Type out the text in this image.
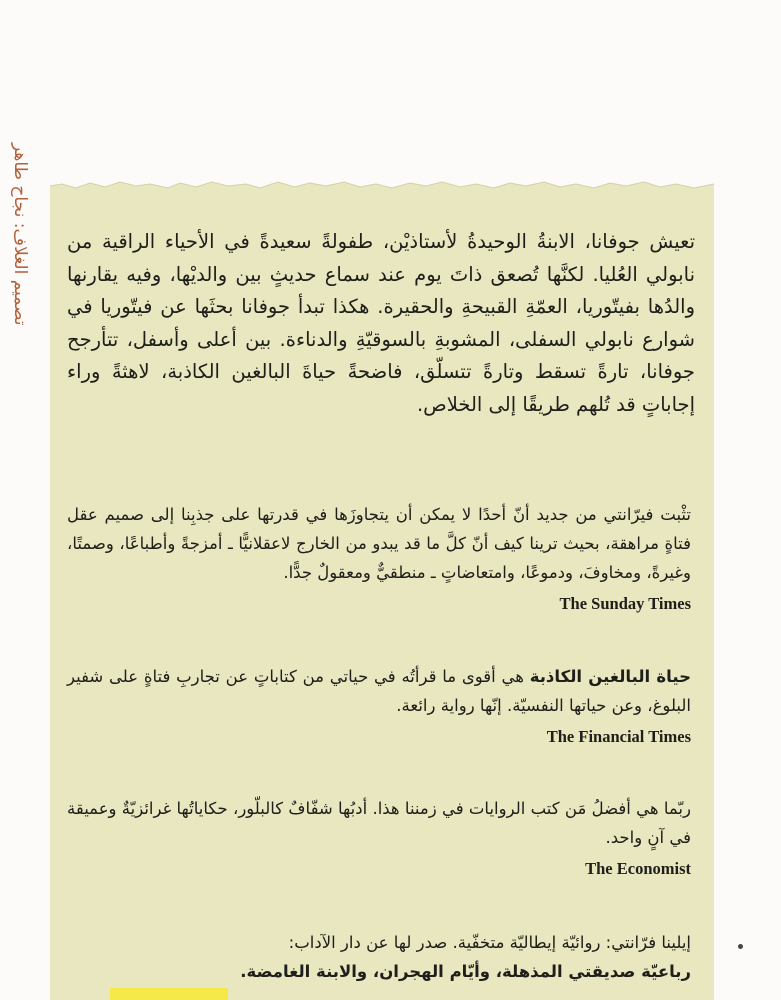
تصميم الغلاف: نجاح طاهر تعيش جوفانا، الابنةُ الوحيدةُ لأستاذيْن، طفولةً سعيدةً في الأحياء الراقية من نابولي العُليا. لكنَّها تُصعق ذاتَ يوم عند سماع حديثٍ بين والديْها، وفيه يقارنها والدُها بفيتّوريا، العمّةِ القبيحةِ والحقيرة. هكذا تبدأ جوفانا بحثَها عن فيتّوريا في شوارع نابولي السفلى، المشوبةِ بالسوقيّةِ والدناءة. بين أعلى وأسفل، تتأرجح جوفانا، تارةً تسقط وتارةً تتسلّق، فاضحةً حياةَ البالغين الكاذبة، لاهثةً وراء إجاباتٍ قد تُلهم طريقًا إلى الخلاص.
تثْبت فيرّانتي من جديد أنّ أحدًا لا يمكن أن يتجاوزَها في قدرتها على جذبِنا إلى صميم عقل فتاةٍ مراهقة، بحيث ترينا كيف أنّ كلَّ ما قد يبدو من الخارج لاعقلانيًّا ـ أمزجةً وأطباعًا، وصمتًا، وغيرةً، ومخاوفَ، ودموعًا، وامتعاضاتٍ ـ منطقيٌّ ومعقولٌ جدًّا.
The Sunday Times
حياة البالغين الكاذبة هي أقوى ما قرأتُه في حياتي من كتاباتٍ عن تجاربِ فتاةٍ على شفير البلوغ، وعن حياتها النفسيّة. إنّها رواية رائعة.
The Financial Times
ربّما هي أفضلُ مَن كتب الروايات في زمننا هذا. أدبُها شفّافٌ كالبلّور، حكاياتُها غرائزيّةٌ وعميقة في آنٍ واحد.
The Economist
إيلينا فرّانتي: روائيّة إيطاليّة متخفّية. صدر لها عن دار الآداب:
رباعيّة صديقتي المذهلة، وأيّام الهجران، والابنة الغامضة.
